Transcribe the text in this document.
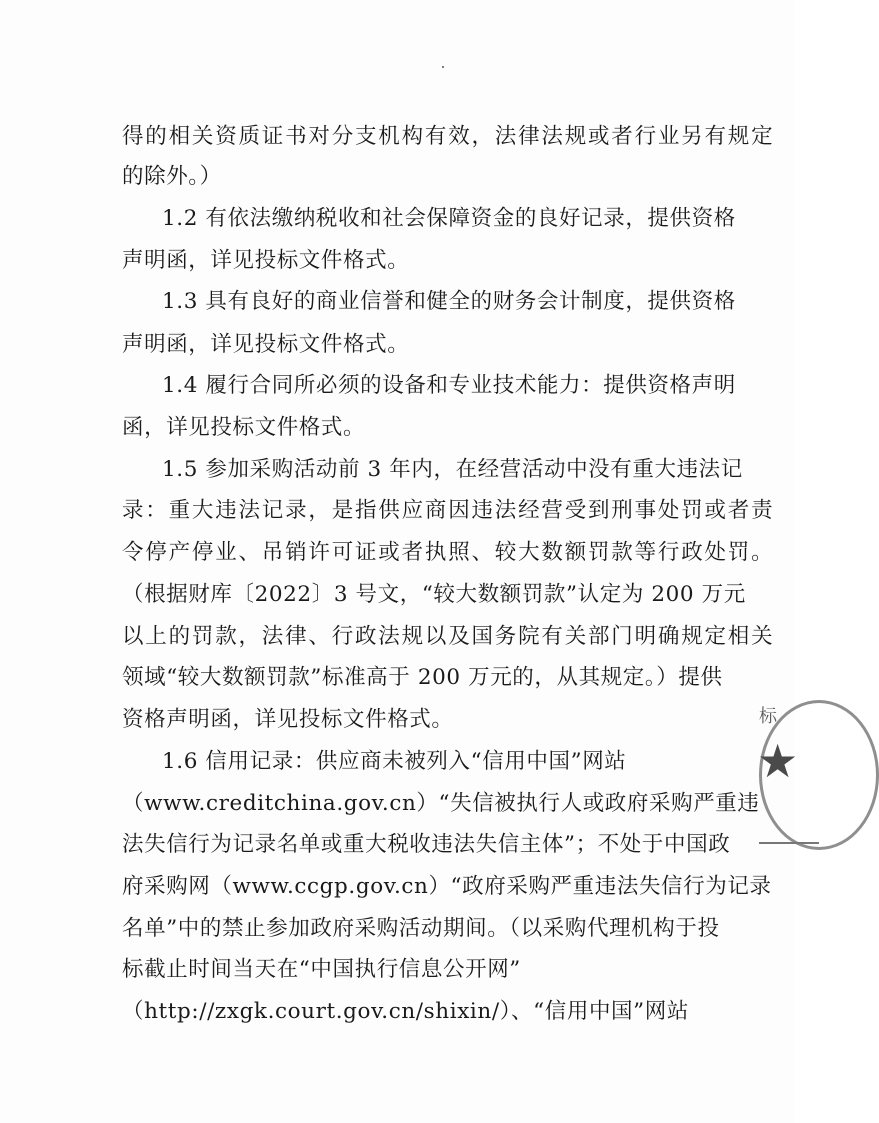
得的相关资质证书对分支机构有效，法律法规或者行业另有规定
的除外。）
1.2 有依法缴纳税收和社会保障资金的良好记录，提供资格
声明函，详见投标文件格式。
1.3 具有良好的商业信誉和健全的财务会计制度，提供资格
声明函，详见投标文件格式。
1.4 履行合同所必须的设备和专业技术能力：提供资格声明
函，详见投标文件格式。
1.5 参加采购活动前 3 年内，在经营活动中没有重大违法记
录：重大违法记录，是指供应商因违法经营受到刑事处罚或者责
令停产停业、吊销许可证或者执照、较大数额罚款等行政处罚。
（根据财库〔2022〕3 号文，“较大数额罚款”认定为 200 万元
以上的罚款，法律、行政法规以及国务院有关部门明确规定相关
领域“较大数额罚款”标准高于 200 万元的，从其规定。）提供
资格声明函，详见投标文件格式。
1.6 信用记录：供应商未被列入“信用中国”网站
（www.creditchina.gov.cn）“失信被执行人或政府采购严重违
法失信行为记录名单或重大税收违法失信主体”；不处于中国政
府采购网（www.ccgp.gov.cn）“政府采购严重违法失信行为记录
名单”中的禁止参加政府采购活动期间。（以采购代理机构于投
标截止时间当天在“中国执行信息公开网”
（http://zxgk.court.gov.cn/shixin/）、“信用中国”网站
标
★
